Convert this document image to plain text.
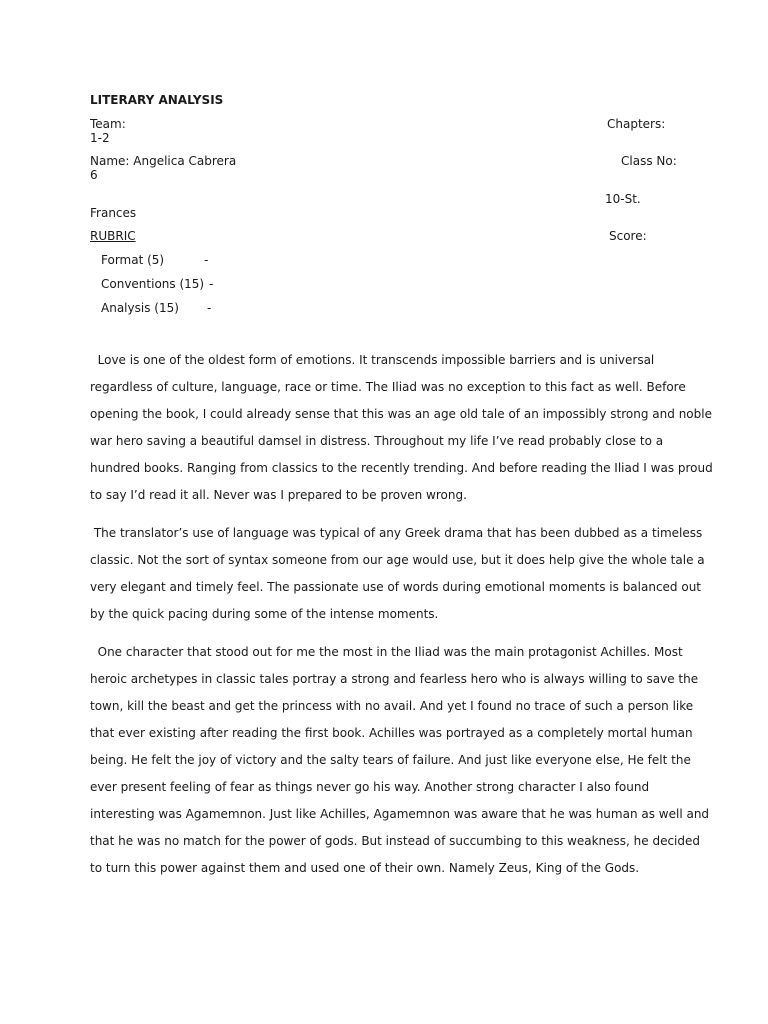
LITERARY ANALYSIS
Team:	Chapters:
1-2
Name: Angelica Cabrera	Class No:
6
10-St.
Frances
RUBRIC	Score:
Format (5)	-
Conventions (15) -
Analysis (15) -
Love is one of the oldest form of emotions. It transcends impossible barriers and is universal
regardless of culture, language, race or time. The Iliad was no exception to this fact as well. Before
opening the book, I could already sense that this was an age old tale of an impossibly strong and noble
war hero saving a beautiful damsel in distress. Throughout my life I’ve read probably close to a
hundred books. Ranging from classics to the recently trending. And before reading the Iliad I was proud
to say I’d read it all. Never was I prepared to be proven wrong.
The translator’s use of language was typical of any Greek drama that has been dubbed as a timeless
classic. Not the sort of syntax someone from our age would use, but it does help give the whole tale a
very elegant and timely feel. The passionate use of words during emotional moments is balanced out
by the quick pacing during some of the intense moments.
One character that stood out for me the most in the Iliad was the main protagonist Achilles. Most
heroic archetypes in classic tales portray a strong and fearless hero who is always willing to save the
town, kill the beast and get the princess with no avail. And yet I found no trace of such a person like
that ever existing after reading the first book. Achilles was portrayed as a completely mortal human
being. He felt the joy of victory and the salty tears of failure. And just like everyone else, He felt the
ever present feeling of fear as things never go his way. Another strong character I also found
interesting was Agamemnon. Just like Achilles, Agamemnon was aware that he was human as well and
that he was no match for the power of gods. But instead of succumbing to this weakness, he decided
to turn this power against them and used one of their own. Namely Zeus, King of the Gods.
